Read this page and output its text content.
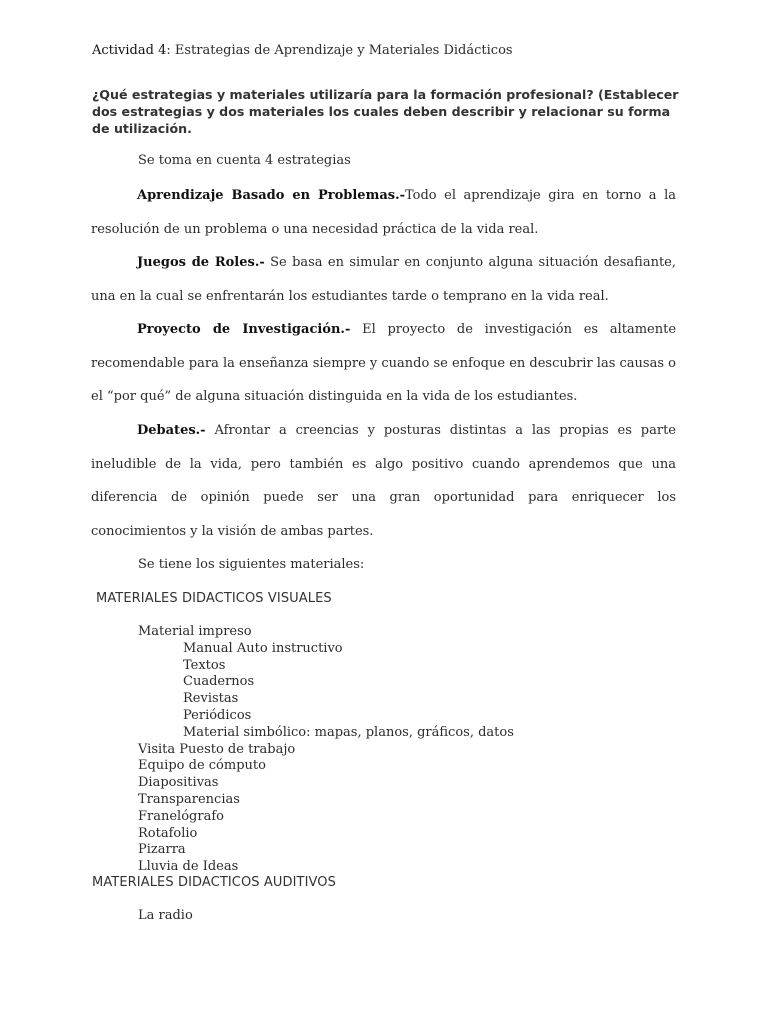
Actividad 4: Estrategias de Aprendizaje y Materiales Didácticos
¿Qué estrategias y materiales utilizaría para la formación profesional? (Establecer dos estrategias y dos materiales los cuales deben describir y relacionar su forma de utilización.
Se toma en cuenta 4 estrategias
Aprendizaje Basado en Problemas.-Todo el aprendizaje gira en torno a la resolución de un problema o una necesidad práctica de la vida real.
Juegos de Roles.- Se basa en simular en conjunto alguna situación desafiante, una en la cual se enfrentarán los estudiantes tarde o temprano en la vida real.
Proyecto de Investigación.- El proyecto de investigación es altamente recomendable para la enseñanza siempre y cuando se enfoque en descubrir las causas o el “por qué” de alguna situación distinguida en la vida de los estudiantes.
Debates.- Afrontar a creencias y posturas distintas a las propias es parte ineludible de la vida, pero también es algo positivo cuando aprendemos que una diferencia de opinión puede ser una gran oportunidad para enriquecer los conocimientos y la visión de ambas partes.
Se tiene los siguientes materiales:
MATERIALES DIDACTICOS VISUALES
Material impreso
Manual Auto instructivo
Textos
Cuadernos
Revistas
Periódicos
Material simbólico: mapas, planos, gráficos, datos
Visita Puesto de trabajo
Equipo de cómputo
Diapositivas
Transparencias
Franelógrafo
Rotafolio
Pizarra
Lluvia de Ideas
MATERIALES DIDACTICOS AUDITIVOS
La radio
